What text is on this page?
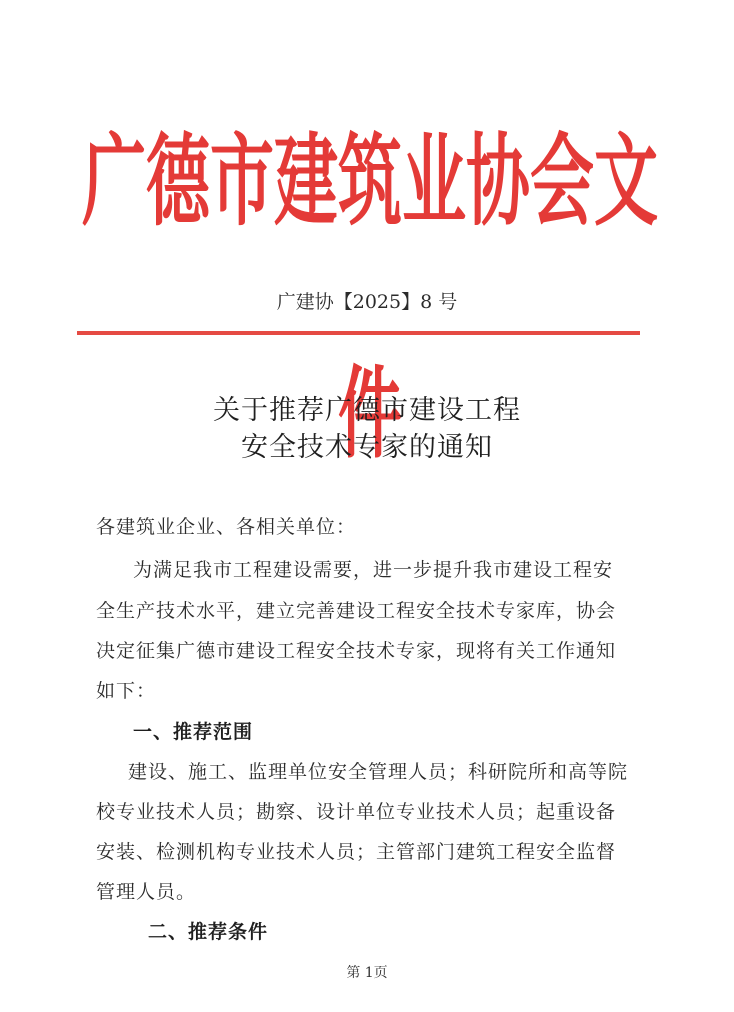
广德市建筑业协会文件
广建协【2025】8 号
关于推荐广德市建设工程
安全技术专家的通知
各建筑业企业、各相关单位：
为满足我市工程建设需要，进一步提升我市建设工程安
全生产技术水平，建立完善建设工程安全技术专家库，协会
决定征集广德市建设工程安全技术专家，现将有关工作通知
如下：
一、推荐范围
建设、施工、监理单位安全管理人员；科研院所和高等院
校专业技术人员；勘察、设计单位专业技术人员；起重设备
安装、检测机构专业技术人员；主管部门建筑工程安全监督
管理人员。
二、推荐条件
第 1页
